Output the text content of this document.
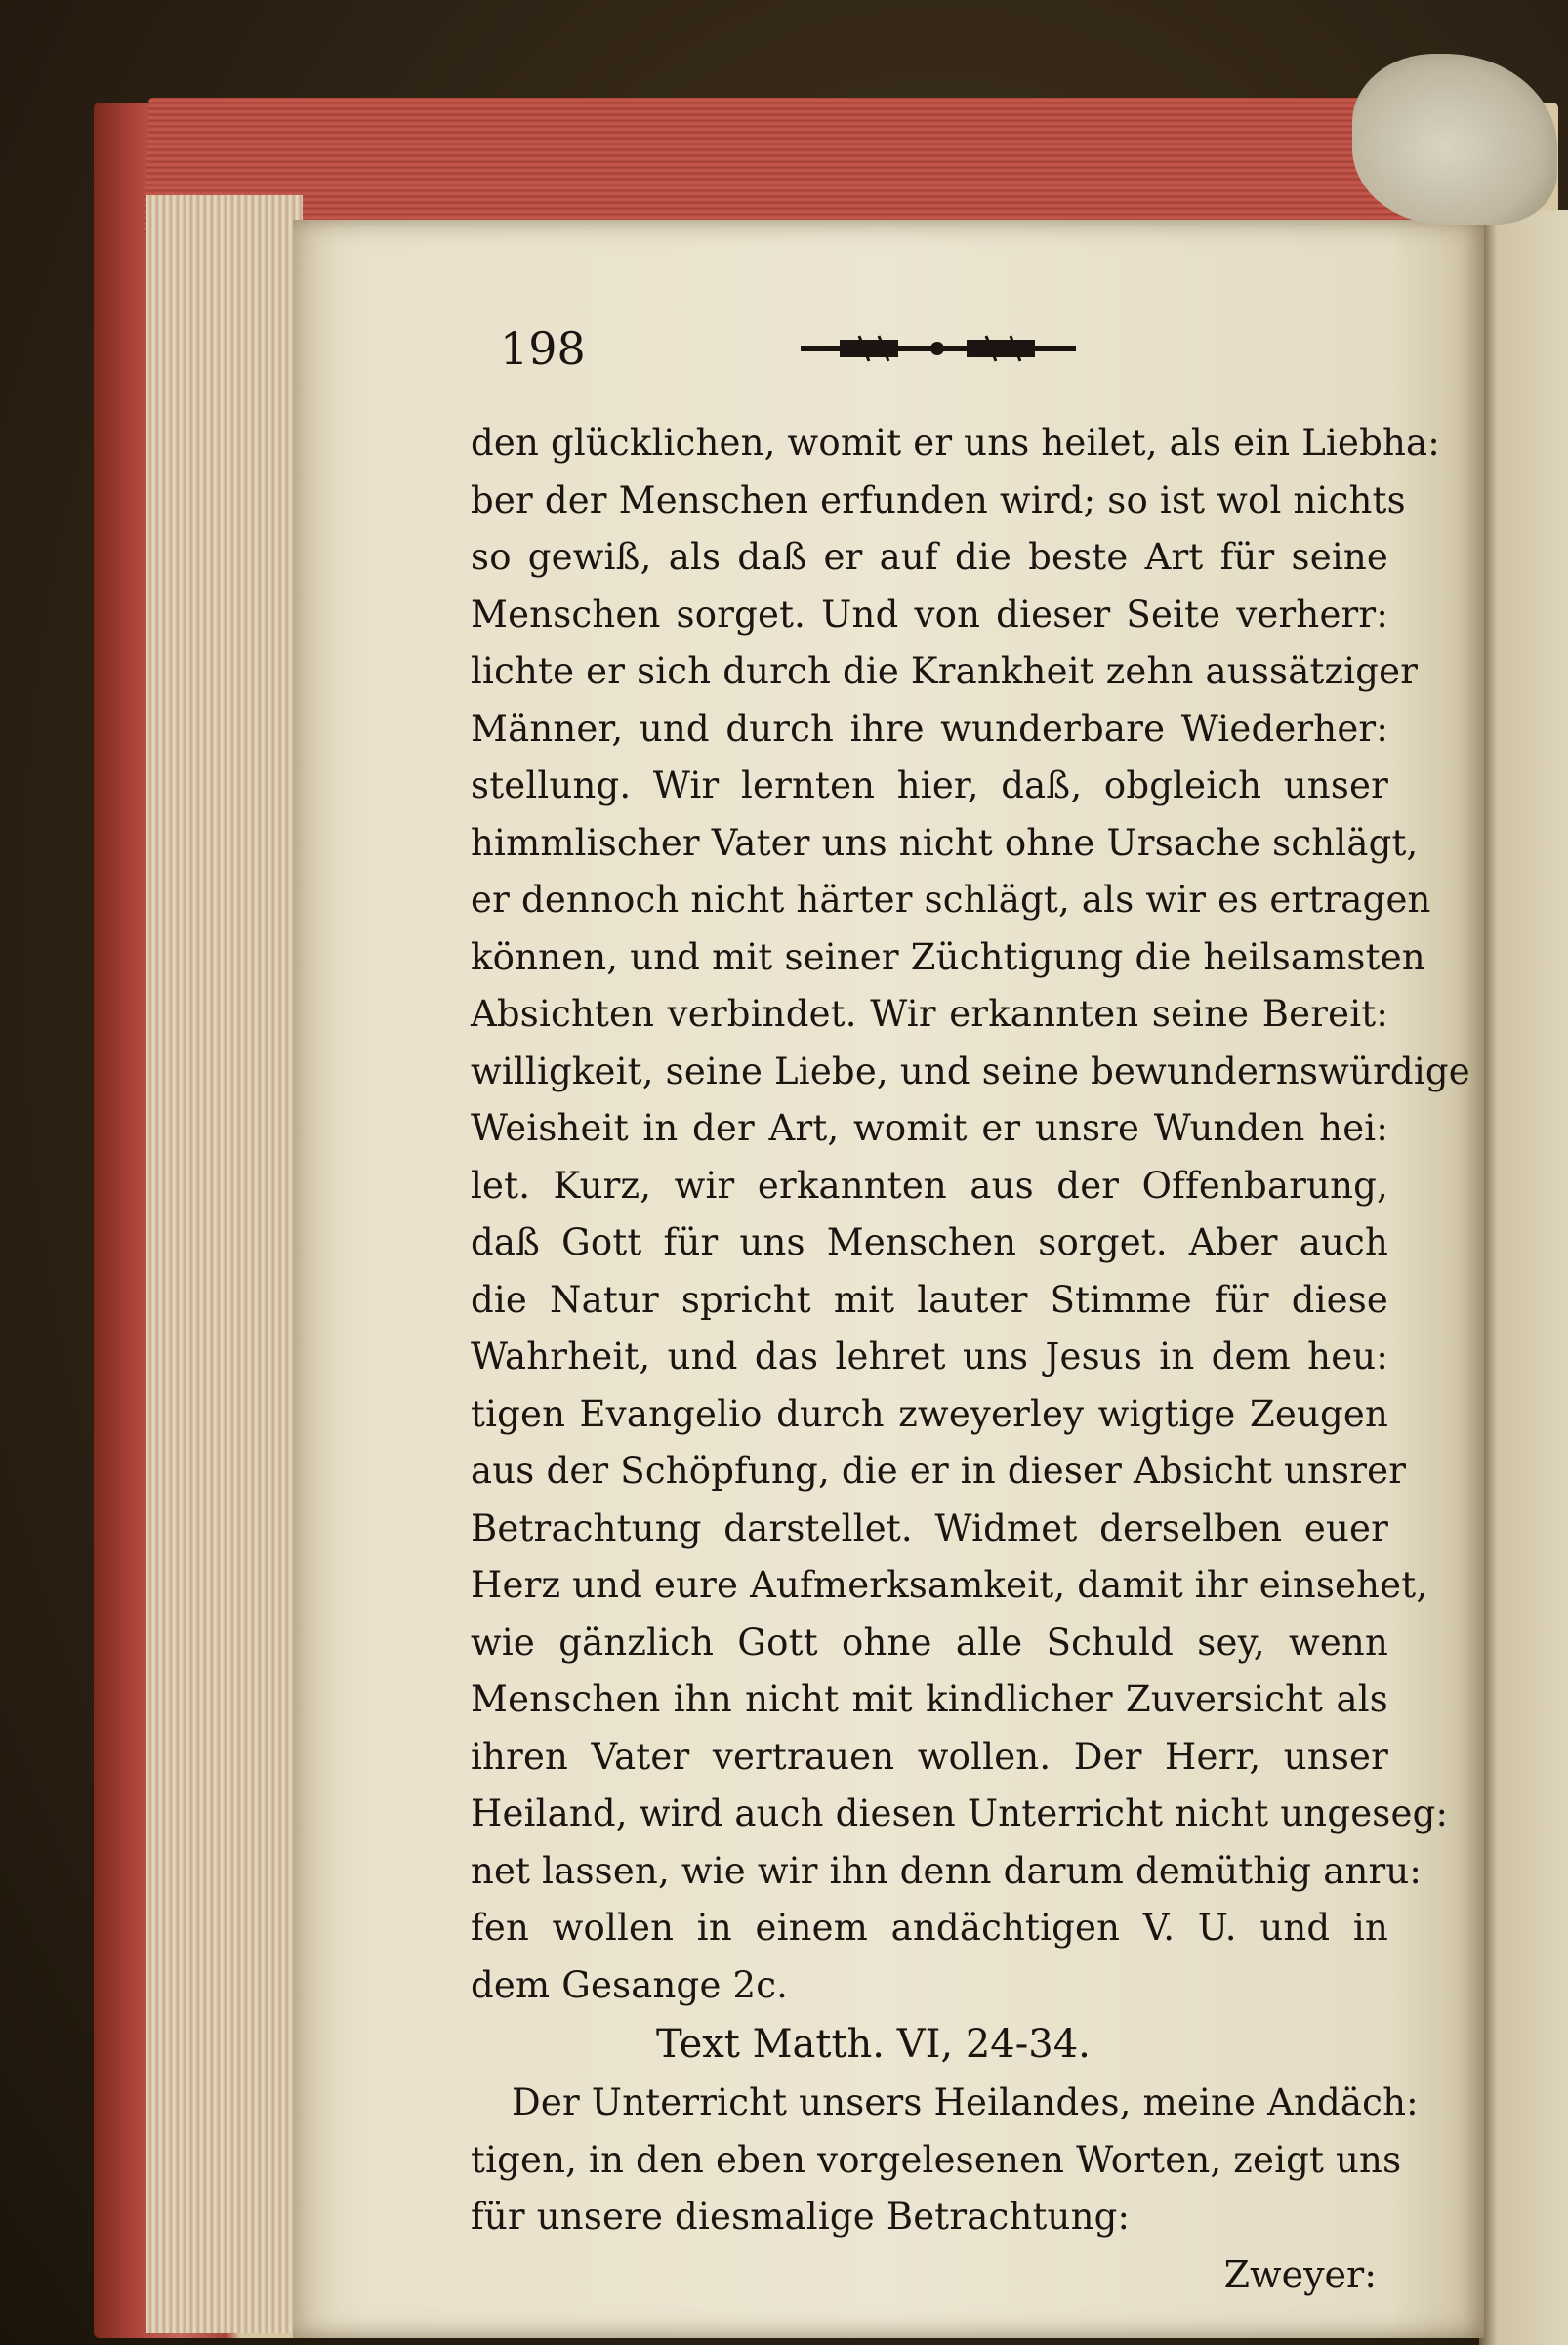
198
den glücklichen, womit er uns heilet, als ein Liebha:
ber der Menschen erfunden wird; so ist wol nichts
so gewiß, als daß er auf die beste Art für seine
Menschen sorget. Und von dieser Seite verherr:
lichte er sich durch die Krankheit zehn aussätziger
Männer, und durch ihre wunderbare Wiederher:
stellung. Wir lernten hier, daß, obgleich unser
himmlischer Vater uns nicht ohne Ursache schlägt,
er dennoch nicht härter schlägt, als wir es ertragen
können, und mit seiner Züchtigung die heilsamsten
Absichten verbindet. Wir erkannten seine Bereit:
willigkeit, seine Liebe, und seine bewundernswürdige
Weisheit in der Art, womit er unsre Wunden hei:
let. Kurz, wir erkannten aus der Offenbarung,
daß Gott für uns Menschen sorget. Aber auch
die Natur spricht mit lauter Stimme für diese
Wahrheit, und das lehret uns Jesus in dem heu:
tigen Evangelio durch zweyerley wigtige Zeugen
aus der Schöpfung, die er in dieser Absicht unsrer
Betrachtung darstellet. Widmet derselben euer
Herz und eure Aufmerksamkeit, damit ihr einsehet,
wie gänzlich Gott ohne alle Schuld sey, wenn
Menschen ihn nicht mit kindlicher Zuversicht als
ihren Vater vertrauen wollen. Der Herr, unser
Heiland, wird auch diesen Unterricht nicht ungeseg:
net lassen, wie wir ihn denn darum demüthig anru:
fen wollen in einem andächtigen V. U. und in
dem Gesange 2c.
Text Matth. VI, 24-34.
Der Unterricht unsers Heilandes, meine Andäch:
tigen, in den eben vorgelesenen Worten, zeigt uns
für unsere diesmalige Betrachtung:
Zweyer:
